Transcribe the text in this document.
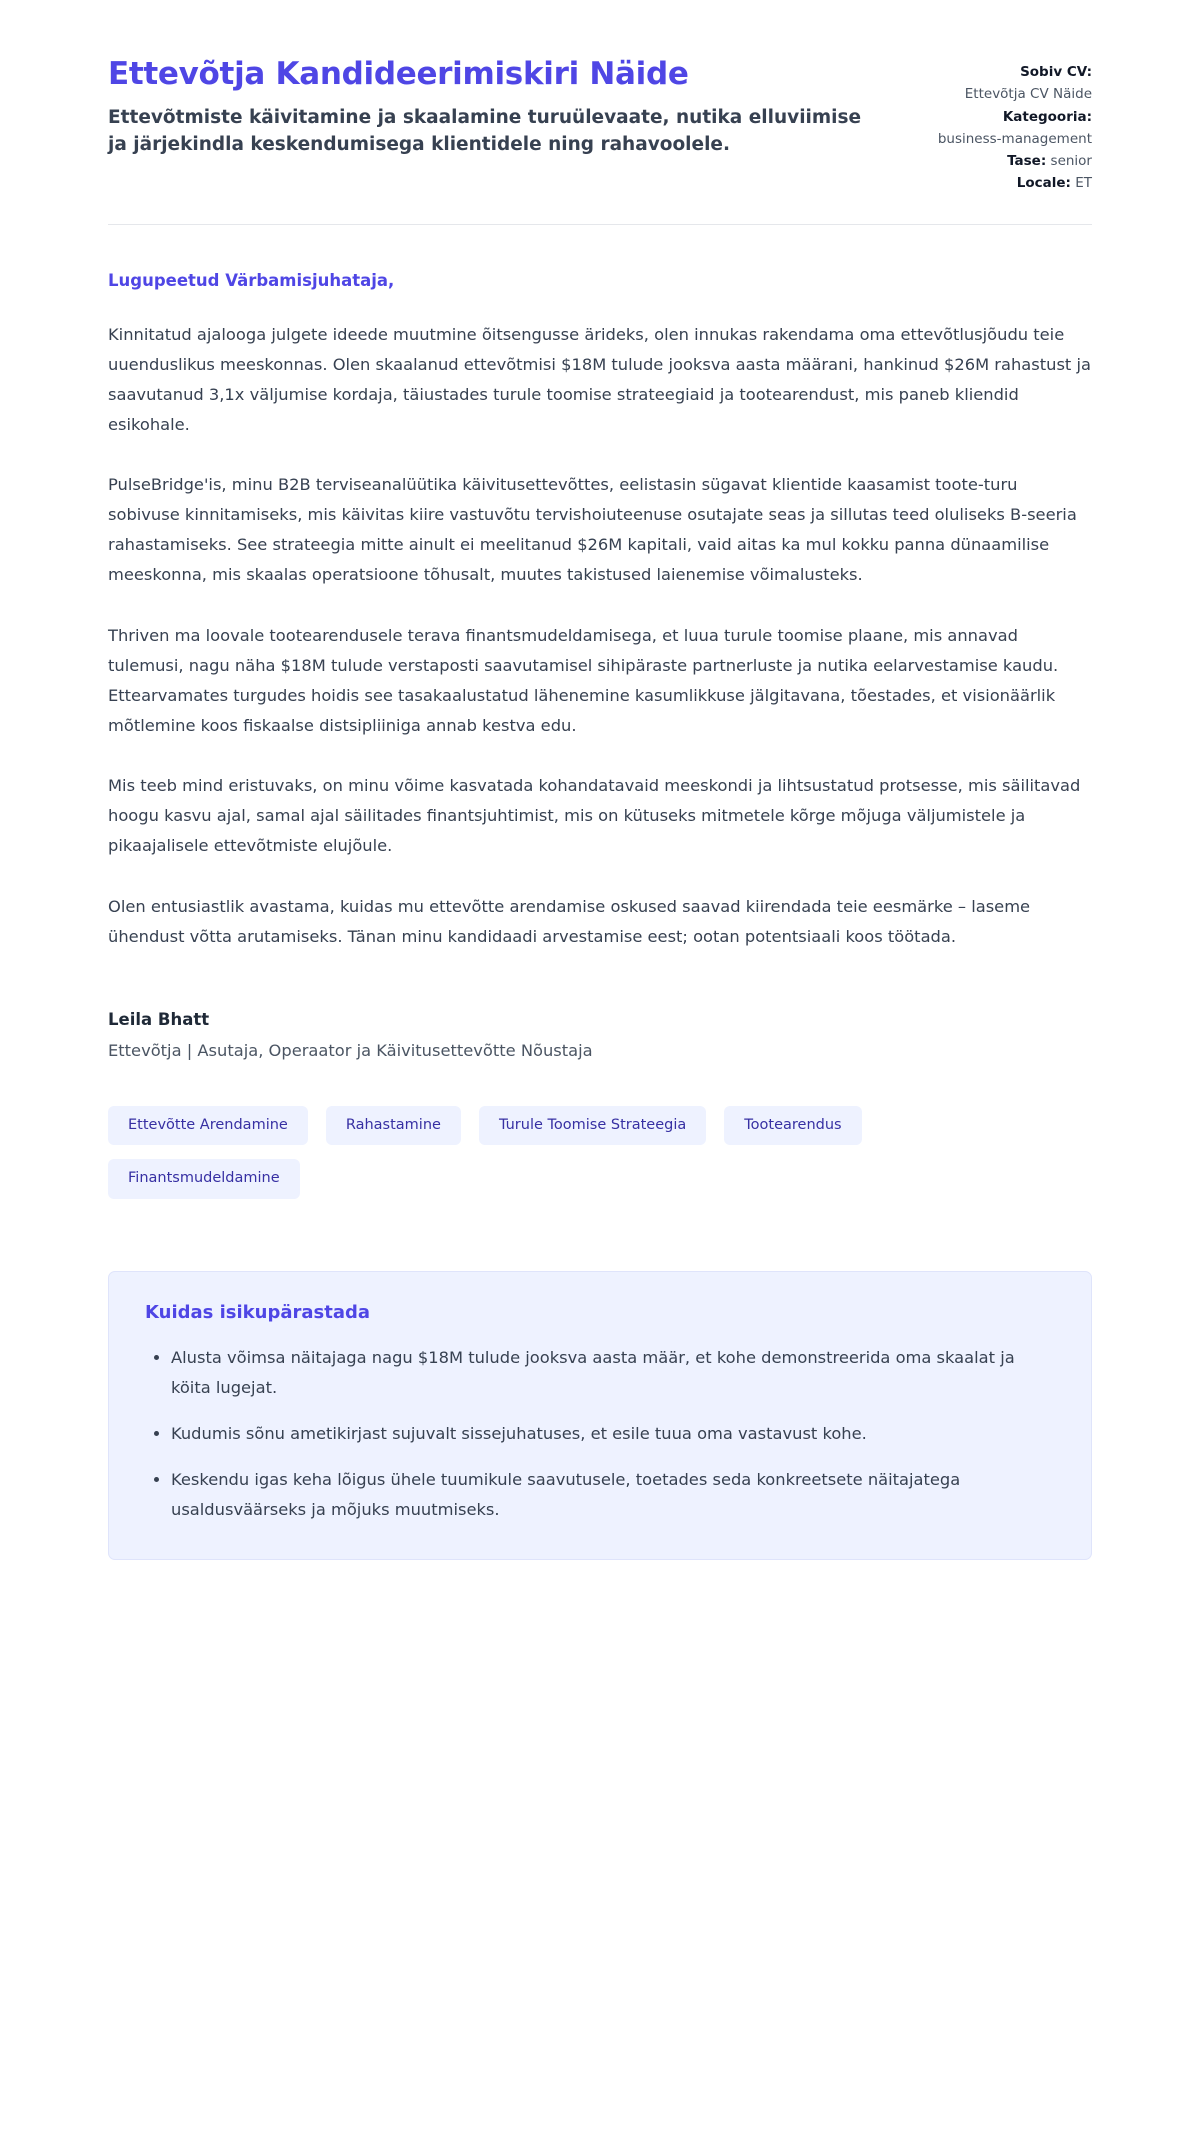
Ettevõtja Kandideerimiskiri Näide

Ettevõtmiste käivitamine ja skaalamine turuülevaate, nutika elluviimise ja järjekindla keskendumisega klientidele ning rahavoolele.

Sobiv CV:
Ettevõtja CV Näide
Kategooria:
business-management
Tase: senior
Locale: ET

Lugupeetud Värbamisjuhataja,

Kinnitatud ajalooga julgete ideede muutmine õitsengusse ärideks, olen innukas rakendama oma ettevõtlusjõudu teie uuenduslikus meeskonnas. Olen skaalanud ettevõtmisi $18M tulude jooksva aasta määrani, hankinud $26M rahastust ja saavutanud 3,1x väljumise kordaja, täiustades turule toomise strateegiaid ja tootearendust, mis paneb kliendid esikohale.

PulseBridge'is, minu B2B tervisеanalüütika käivitusettevõttes, eelistasin sügavat klientide kaasamist toote-turu sobivuse kinnitamiseks, mis käivitas kiire vastuvõtu tervishoiuteenuse osutajate seas ja sillutas teed oluliseks B-seeria rahastamiseks. See strateegia mitte ainult ei meelitanud $26M kapitali, vaid aitas ka mul kokku panna dünaamilise meeskonna, mis skaalas operatsioone tõhusalt, muutes takistused laienemise võimalusteks.

Thriven ma loovale tootearendusele terava finantsmudeldamisega, et luua turule toomise plaane, mis annavad tulemusi, nagu näha $18M tulude verstaposti saavutamisel sihipäraste partnerluste ja nutika eelarvestamise kaudu. Ettearvamates turgudes hoidis see tasakaalustatud lähenemine kasumlikkuse jälgitavana, tõestades, et visionäärlik mõtlemine koos fiskaalse distsipliiniga annab kestva edu.

Mis teeb mind eristuvaks, on minu võime kasvatada kohandatavaid meeskondi ja lihtsustatud protsesse, mis säilitavad hoogu kasvu ajal, samal ajal säilitades finantsjuhtimist, mis on kütuseks mitmetele kõrge mõjuga väljumistele ja pikaajalisele ettevõtmiste elujõule.

Olen entusiastlik avastama, kuidas mu ettevõtte arendamise oskused saavad kiirendada teie eesmärke – laseme ühendust võtta arutamiseks. Tänan minu kandidaadi arvestamise eest; ootan potentsiaali koos töötada.

Leila Bhatt

Ettevõtja | Asutaja, Operaator ja Käivitusettevõtte Nõustaja

Ettevõtte Arendamine	Rahastamine	Turule Toomise Strateegia	Tootearendus
Finantsmudeldamine

Kuidas isikupärastada

• Alusta võimsa näitajaga nagu $18M tulude jooksva aasta määr, et kohe demonstreerida oma skaalat ja köita lugejat.
• Kudumis sõnu ametikirjast sujuvalt sissejuhatuses, et esile tuua oma vastavust kohe.
• Keskendu igas keha lõigus ühele tuumikule saavutusele, toetades seda konkreetsete näitajatega usaldusväärseks ja mõjuks muutmiseks.
